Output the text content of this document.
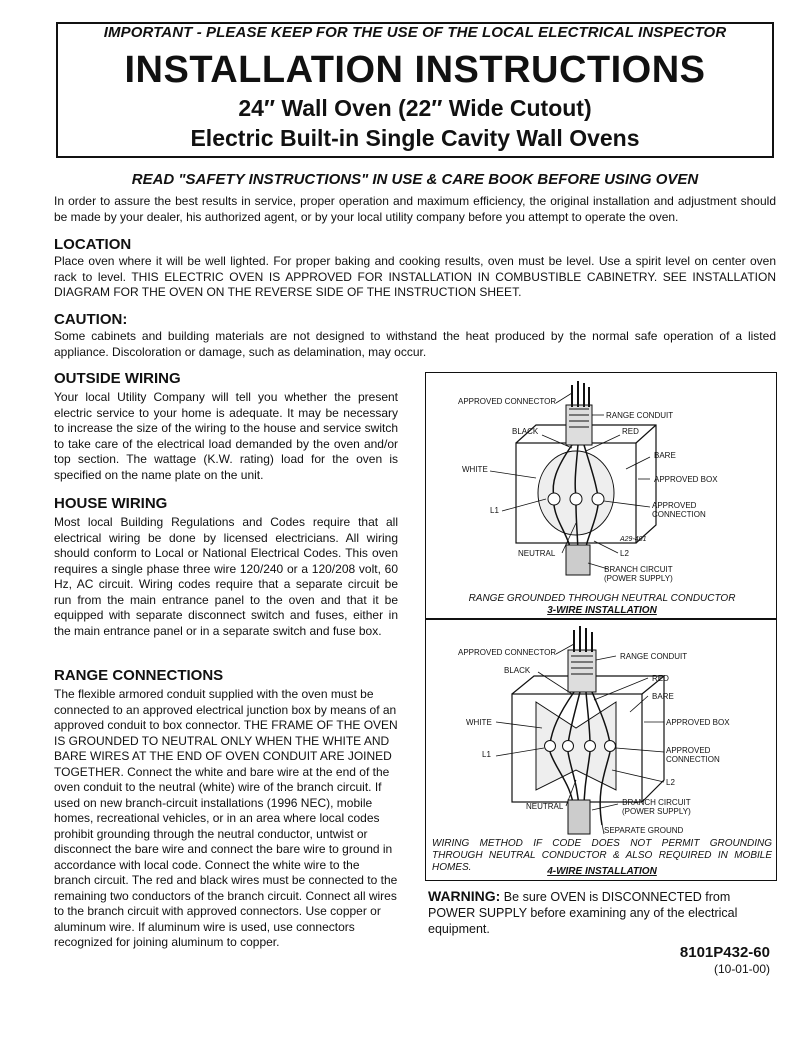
IMPORTANT - PLEASE KEEP FOR THE USE OF THE LOCAL ELECTRICAL INSPECTOR
INSTALLATION INSTRUCTIONS
24″ Wall Oven (22″ Wide Cutout)
Electric Built-in Single Cavity Wall Ovens
READ "SAFETY INSTRUCTIONS" IN USE & CARE BOOK BEFORE USING OVEN
In order to assure the best results in service, proper operation and maximum efficiency, the original installation and adjustment should be made by your dealer, his authorized agent, or by your local utility company before you attempt to operate the oven.
LOCATION
Place oven where it will be well lighted. For proper baking and cooking results, oven must be level. Use a spirit level on center oven rack to level. THIS ELECTRIC OVEN IS APPROVED FOR INSTALLATION IN COMBUSTIBLE CABINETRY. SEE INSTALLATION DIAGRAM FOR THE OVEN ON THE REVERSE SIDE OF THE INSTRUCTION SHEET.
CAUTION:
Some cabinets and building materials are not designed to withstand the heat produced by the normal safe operation of a listed appliance. Discoloration or damage, such as delamination, may occur.
OUTSIDE WIRING
Your local Utility Company will tell you whether the present electric service to your home is adequate. It may be necessary to increase the size of the wiring to the house and service switch to take care of the electrical load demanded by the oven and/or top section. The wattage (K.W. rating) load for the oven is specified on the name plate on the unit.
HOUSE WIRING
Most local Building Regulations and Codes require that all electrical wiring be done by licensed electricians. All wiring should conform to Local or National Electrical Codes. This oven requires a single phase three wire 120/240 or a 120/208 volt, 60 Hz, AC circuit. Wiring codes require that a separate circuit be run from the main entrance panel to the oven and that it be equipped with separate disconnect switch and fuses, either in the main entrance panel or in a separate switch and fuse box.
RANGE CONNECTIONS
The flexible armored conduit supplied with the oven must be connected to an approved electrical junction box by means of an approved conduit to box connector. THE FRAME OF THE OVEN IS GROUNDED TO NEUTRAL ONLY WHEN THE WHITE AND BARE WIRES AT THE END OF OVEN CONDUIT ARE JOINED TOGETHER. Connect the white and bare wire at the end of the oven conduit to the neutral (white) wire of the branch circuit. If used on new branch-circuit installations (1996 NEC), mobile homes, recreational vehicles, or in an area where local codes prohibit grounding through the neutral conductor, untwist or disconnect the bare wire and connect the bare wire to ground in accordance with local code. Connect the white wire to the branch circuit. The red and black wires must be connected to the remaining two conductors of the branch circuit. Connect all wires to the branch circuit with approved connectors. Use copper or aluminum wire. If aluminum wire is used, use connectors recognized for joining aluminum to copper.
APPROVED CONNECTOR
RANGE CONDUIT
BLACK	RED
BARE
WHITE
APPROVED BOX
L1
APPROVED
CONNECTION
A29-401
NEUTRAL	L2
BRANCH CIRCUIT
(POWER SUPPLY)
RANGE GROUNDED THROUGH NEUTRAL CONDUCTOR
3-WIRE INSTALLATION
APPROVED CONNECTOR	RANGE CONDUIT
BLACK
RED
BARE
WHITE	APPROVED BOX
L1	APPROVED
CONNECTION
L2
NEUTRAL	BRANCH CIRCUIT
(POWER SUPPLY)
SEPARATE GROUND
WIRING METHOD IF CODE DOES NOT PERMIT GROUNDING THROUGH NEUTRAL CONDUCTOR & ALSO REQUIRED IN MOBILE HOMES.	4-WIRE INSTALLATION
WARNING: Be sure OVEN is DISCONNECTED from POWER SUPPLY before examining any of the electrical equipment.
8101P432-60
(10-01-00)
